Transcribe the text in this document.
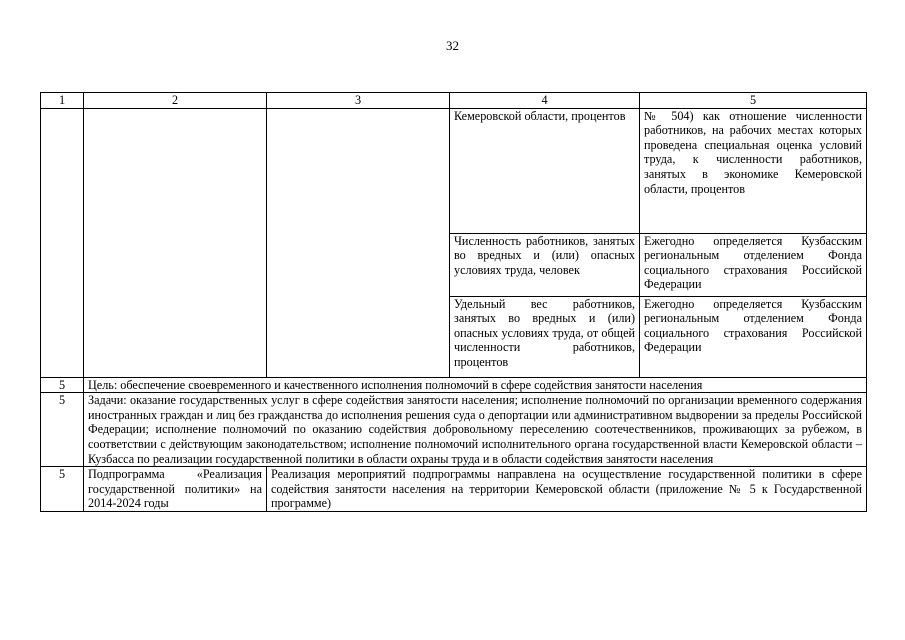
32
1	2	3	4	5
			Кемеровской области, процентов	№ 504) как отношение численности работников, на рабочих местах которых проведена специальная оценка условий труда, к численности работников, занятых в экономике Кемеровской области, процентов
			Численность работников, занятых во вредных и (или) опасных условиях труда, человек	Ежегодно определяется Кузбасским региональным отделением Фонда социального страхования Российской Федерации
			Удельный вес работников, занятых во вредных и (или) опасных условиях труда, от общей численности работников, процентов	Ежегодно определяется Кузбасским региональным отделением Фонда социального страхования Российской Федерации
5	Цель: обеспечение своевременного и качественного исполнения полномочий в сфере содействия занятости населения			
5	Задачи: оказание государственных услуг в сфере содействия занятости населения; исполнение полномочий по организации временного содержания иностранных граждан и лиц без гражданства до исполнения решения суда о депортации или административном выдворении за пределы Российской Федерации; исполнение полномочий по оказанию содействия добровольному переселению соотечественников, проживающих за рубежом, в соответствии с действующим законодательством; исполнение полномочий исполнительного органа государственной власти Кемеровской области – Кузбасса по реализации государственной политики в области охраны труда и в области содействия занятости населения			
5	Подпрограмма «Реализация государственной политики» на 2014-2024 годы	Реализация мероприятий подпрограммы направлена на осуществление государственной политики в сфере содействия занятости населения на территории Кемеровской области (приложение № 5 к Государственной программе)		
